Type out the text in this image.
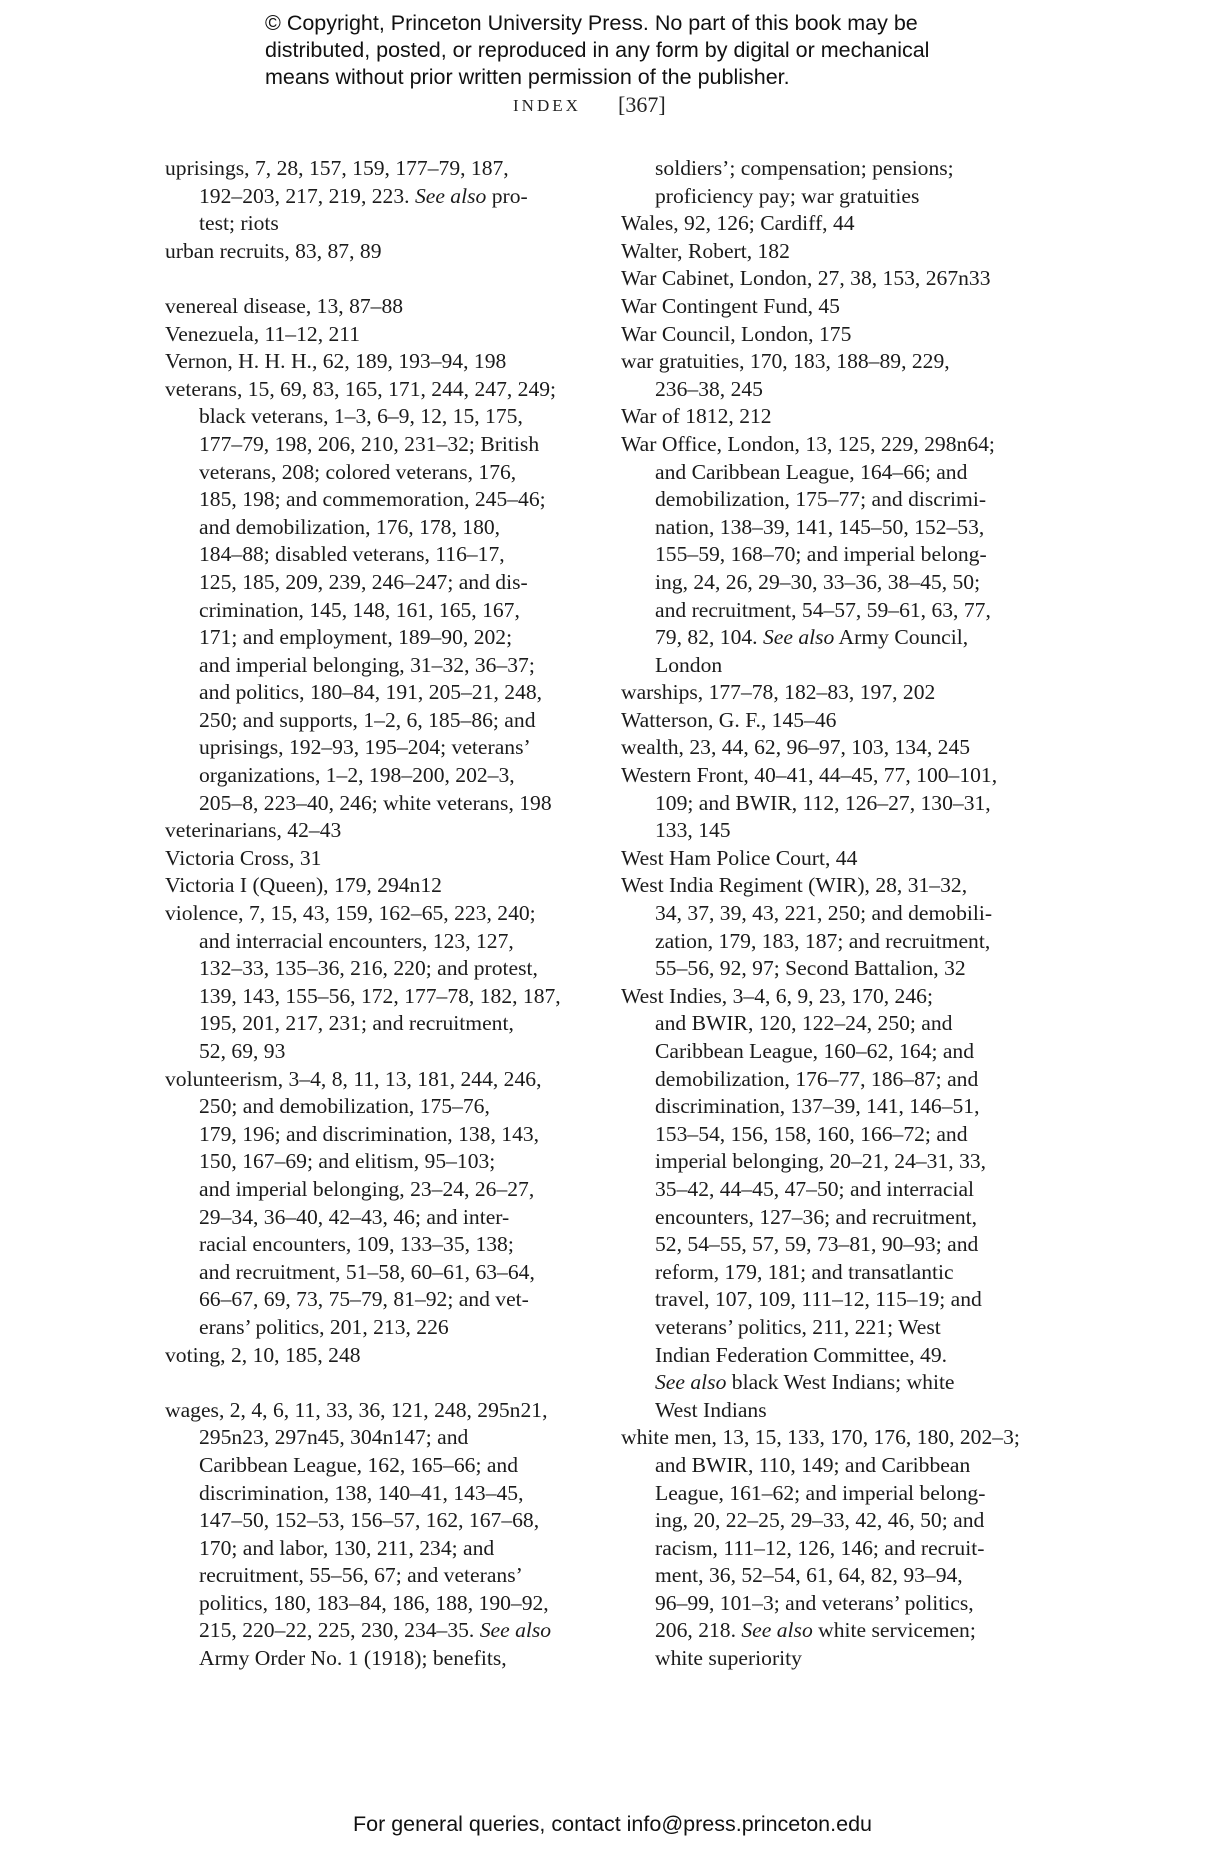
© Copyright, Princeton University Press. No part of this book may be
distributed, posted, or reproduced in any form by digital or mechanical
means without prior written permission of the publisher.
INDEX [367]

uprisings, 7, 28, 157, 159, 177–79, 187,
192–203, 217, 219, 223. See also pro-
test; riots

urban recruits, 83, 87, 89

venereal disease, 13, 87–88

Venezuela, 11–12, 211

Vernon, H. H. H., 62, 189, 193–94, 198

veterans, 15, 69, 83, 165, 171, 244, 247, 249;
black veterans, 1–3, 6–9, 12, 15, 175,
177–79, 198, 206, 210, 231–32; British
veterans, 208; colored veterans, 176,
185, 198; and commemoration, 245–46;
and demobilization, 176, 178, 180,
184–88; disabled veterans, 116–17,
125, 185, 209, 239, 246–247; and dis-
crimination, 145, 148, 161, 165, 167,
171; and employment, 189–90, 202;
and imperial belonging, 31–32, 36–37;
and politics, 180–84, 191, 205–21, 248,
250; and supports, 1–2, 6, 185–86; and
uprisings, 192–93, 195–204; veterans’
organizations, 1–2, 198–200, 202–3,
205–8, 223–40, 246; white veterans, 198

veterinarians, 42–43

Victoria Cross, 31

Victoria I (Queen), 179, 294n12

violence, 7, 15, 43, 159, 162–65, 223, 240;
and interracial encounters, 123, 127,
132–33, 135–36, 216, 220; and protest,
139, 143, 155–56, 172, 177–78, 182, 187,
195, 201, 217, 231; and recruitment,
52, 69, 93

volunteerism, 3–4, 8, 11, 13, 181, 244, 246,
250; and demobilization, 175–76,
179, 196; and discrimination, 138, 143,
150, 167–69; and elitism, 95–103;
and imperial belonging, 23–24, 26–27,
29–34, 36–40, 42–43, 46; and inter-
racial encounters, 109, 133–35, 138;
and recruitment, 51–58, 60–61, 63–64,
66–67, 69, 73, 75–79, 81–92; and vet-
erans’ politics, 201, 213, 226

voting, 2, 10, 185, 248

wages, 2, 4, 6, 11, 33, 36, 121, 248, 295n21,
295n23, 297n45, 304n147; and
Caribbean League, 162, 165–66; and
discrimination, 138, 140–41, 143–45,
147–50, 152–53, 156–57, 162, 167–68,
170; and labor, 130, 211, 234; and
recruitment, 55–56, 67; and veterans’
politics, 180, 183–84, 186, 188, 190–92,
215, 220–22, 225, 230, 234–35. See also
Army Order No. 1 (1918); benefits,

soldiers’; compensation; pensions;
proficiency pay; war gratuities

Wales, 92, 126; Cardiff, 44

Walter, Robert, 182

War Cabinet, London, 27, 38, 153, 267n33

War Contingent Fund, 45

War Council, London, 175

war gratuities, 170, 183, 188–89, 229,
236–38, 245

War of 1812, 212

War Office, London, 13, 125, 229, 298n64;
and Caribbean League, 164–66; and
demobilization, 175–77; and discrimi-
nation, 138–39, 141, 145–50, 152–53,
155–59, 168–70; and imperial belong-
ing, 24, 26, 29–30, 33–36, 38–45, 50;
and recruitment, 54–57, 59–61, 63, 77,
79, 82, 104. See also Army Council,
London

warships, 177–78, 182–83, 197, 202

Watterson, G. F., 145–46

wealth, 23, 44, 62, 96–97, 103, 134, 245

Western Front, 40–41, 44–45, 77, 100–101,
109; and BWIR, 112, 126–27, 130–31,
133, 145

West Ham Police Court, 44

West India Regiment (WIR), 28, 31–32,
34, 37, 39, 43, 221, 250; and demobili-
zation, 179, 183, 187; and recruitment,
55–56, 92, 97; Second Battalion, 32

West Indies, 3–4, 6, 9, 23, 170, 246;
and BWIR, 120, 122–24, 250; and
Caribbean League, 160–62, 164; and
demobilization, 176–77, 186–87; and
discrimination, 137–39, 141, 146–51,
153–54, 156, 158, 160, 166–72; and
imperial belonging, 20–21, 24–31, 33,
35–42, 44–45, 47–50; and interracial
encounters, 127–36; and recruitment,
52, 54–55, 57, 59, 73–81, 90–93; and
reform, 179, 181; and transatlantic
travel, 107, 109, 111–12, 115–19; and
veterans’ politics, 211, 221; West
Indian Federation Committee, 49.
See also black West Indians; white
West Indians

white men, 13, 15, 133, 170, 176, 180, 202–3;
and BWIR, 110, 149; and Caribbean
League, 161–62; and imperial belong-
ing, 20, 22–25, 29–33, 42, 46, 50; and
racism, 111–12, 126, 146; and recruit-
ment, 36, 52–54, 61, 64, 82, 93–94,
96–99, 101–3; and veterans’ politics,
206, 218. See also white servicemen;
white superiority

For general queries, contact info@press.princeton.edu
